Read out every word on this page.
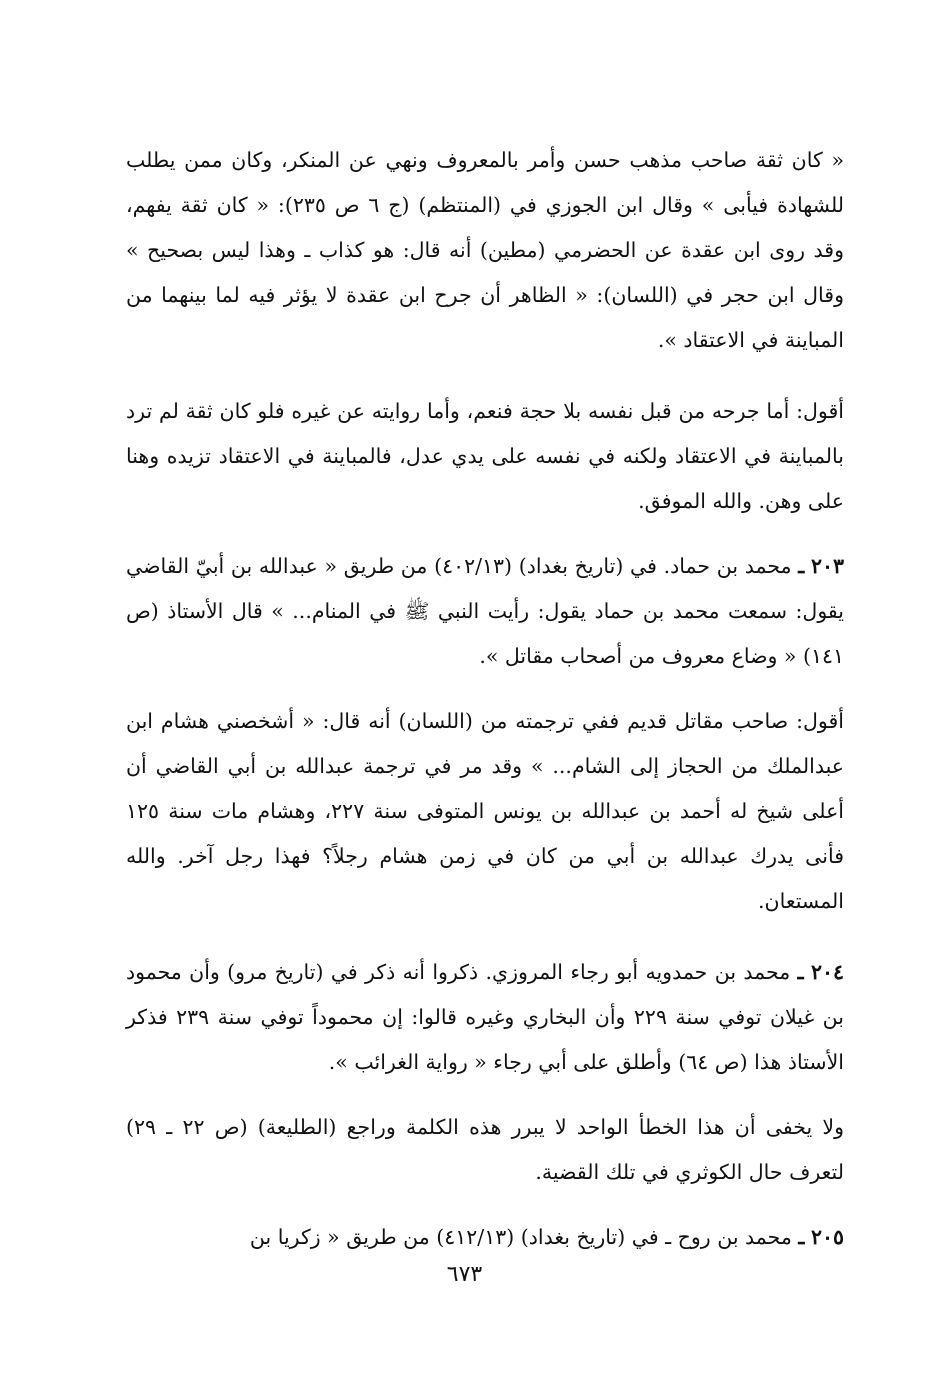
« كان ثقة صاحب مذهب حسن وأمر بالمعروف ونهي عن المنكر، وكان ممن يطلب للشهادة فيأبى » وقال ابن الجوزي في (المنتظم) (ج ٦ ص ٢٣٥): « كان ثقة يفهم، وقد روى ابن عقدة عن الحضرمي (مطين) أنه قال: هو كذاب ـ وهذا ليس بصحيح » وقال ابن حجر في (اللسان): « الظاهر أن جرح ابن عقدة لا يؤثر فيه لما بينهما من المباينة في الاعتقاد ».

أقول: أما جرحه من قبل نفسه بلا حجة فنعم، وأما روايته عن غيره فلو كان ثقة لم ترد بالمباينة في الاعتقاد ولكنه في نفسه على يدي عدل، فالمباينة في الاعتقاد تزيده وهنا على وهن. والله الموفق.

٢٠٣ ـ محمد بن حماد. في (تاريخ بغداد) (٤٠٢/١٣) من طريق « عبدالله بن أبيّ القاضي يقول: سمعت محمد بن حماد يقول: رأيت النبي ﷺ في المنام... » قال الأستاذ (ص ١٤١) « وضاع معروف من أصحاب مقاتل ».

أقول: صاحب مقاتل قديم ففي ترجمته من (اللسان) أنه قال: « أشخصني هشام ابن عبدالملك من الحجاز إلى الشام... » وقد مر في ترجمة عبدالله بن أبي القاضي أن أعلى شيخ له أحمد بن عبدالله بن يونس المتوفى سنة ٢٢٧، وهشام مات سنة ١٢٥ فأنى يدرك عبدالله بن أبي من كان في زمن هشام رجلاً؟ فهذا رجل آخر. والله المستعان.

٢٠٤ ـ محمد بن حمدويه أبو رجاء المروزي. ذكروا أنه ذكر في (تاريخ مرو) وأن محمود بن غيلان توفي سنة ٢٢٩ وأن البخاري وغيره قالوا: إن محموداً توفي سنة ٢٣٩ فذكر الأستاذ هذا (ص ٦٤) وأطلق على أبي رجاء « رواية الغرائب ».

ولا يخفى أن هذا الخطأ الواحد لا يبرر هذه الكلمة وراجع (الطليعة) (ص ٢٢ ـ ٢٩) لتعرف حال الكوثري في تلك القضية.

٢٠٥ ـ محمد بن روح ـ في (تاريخ بغداد) (٤١٢/١٣) من طريق « زكريا بن

٦٧٣
